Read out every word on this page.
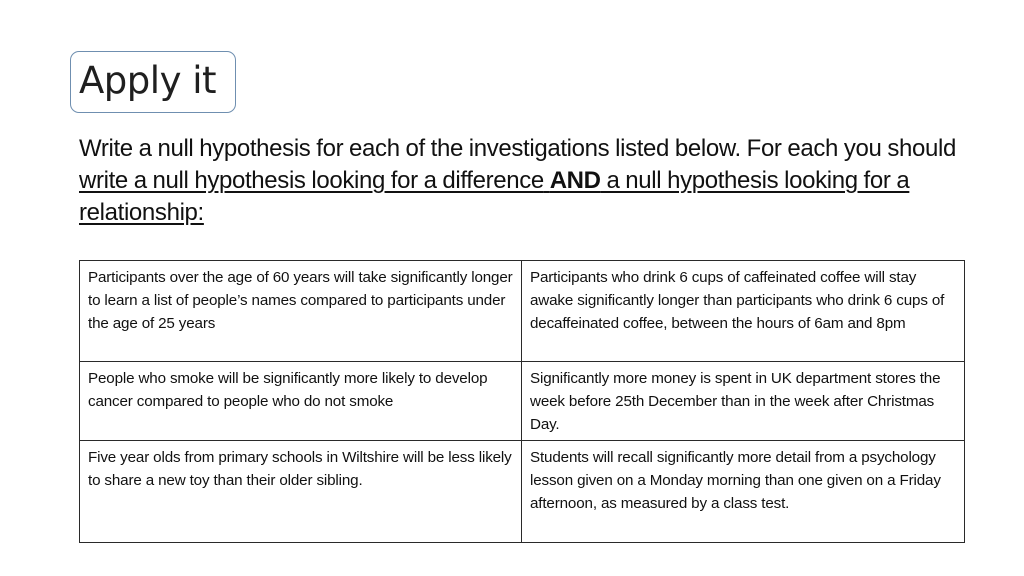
Apply it
Write a null hypothesis for each of the investigations listed below. For each you should write a null hypothesis looking for a difference AND a null hypothesis looking for a relationship:
Participants over the age of 60 years will take significantly longer to learn a list of people’s names compared to participants under the age of 25 years	Participants who drink 6 cups of caffeinated coffee will stay awake significantly longer than participants who drink 6 cups of decaffeinated coffee, between the hours of 6am and 8pm
People who smoke will be significantly more likely to develop cancer compared to people who do not smoke	Significantly more money is spent in UK department stores the week before 25th December than in the week after Christmas Day.
Five year olds from primary schools in Wiltshire will be less likely to share a new toy than their older sibling.	Students will recall significantly more detail from a psychology lesson given on a Monday morning than one given on a Friday afternoon, as measured by a class test.
